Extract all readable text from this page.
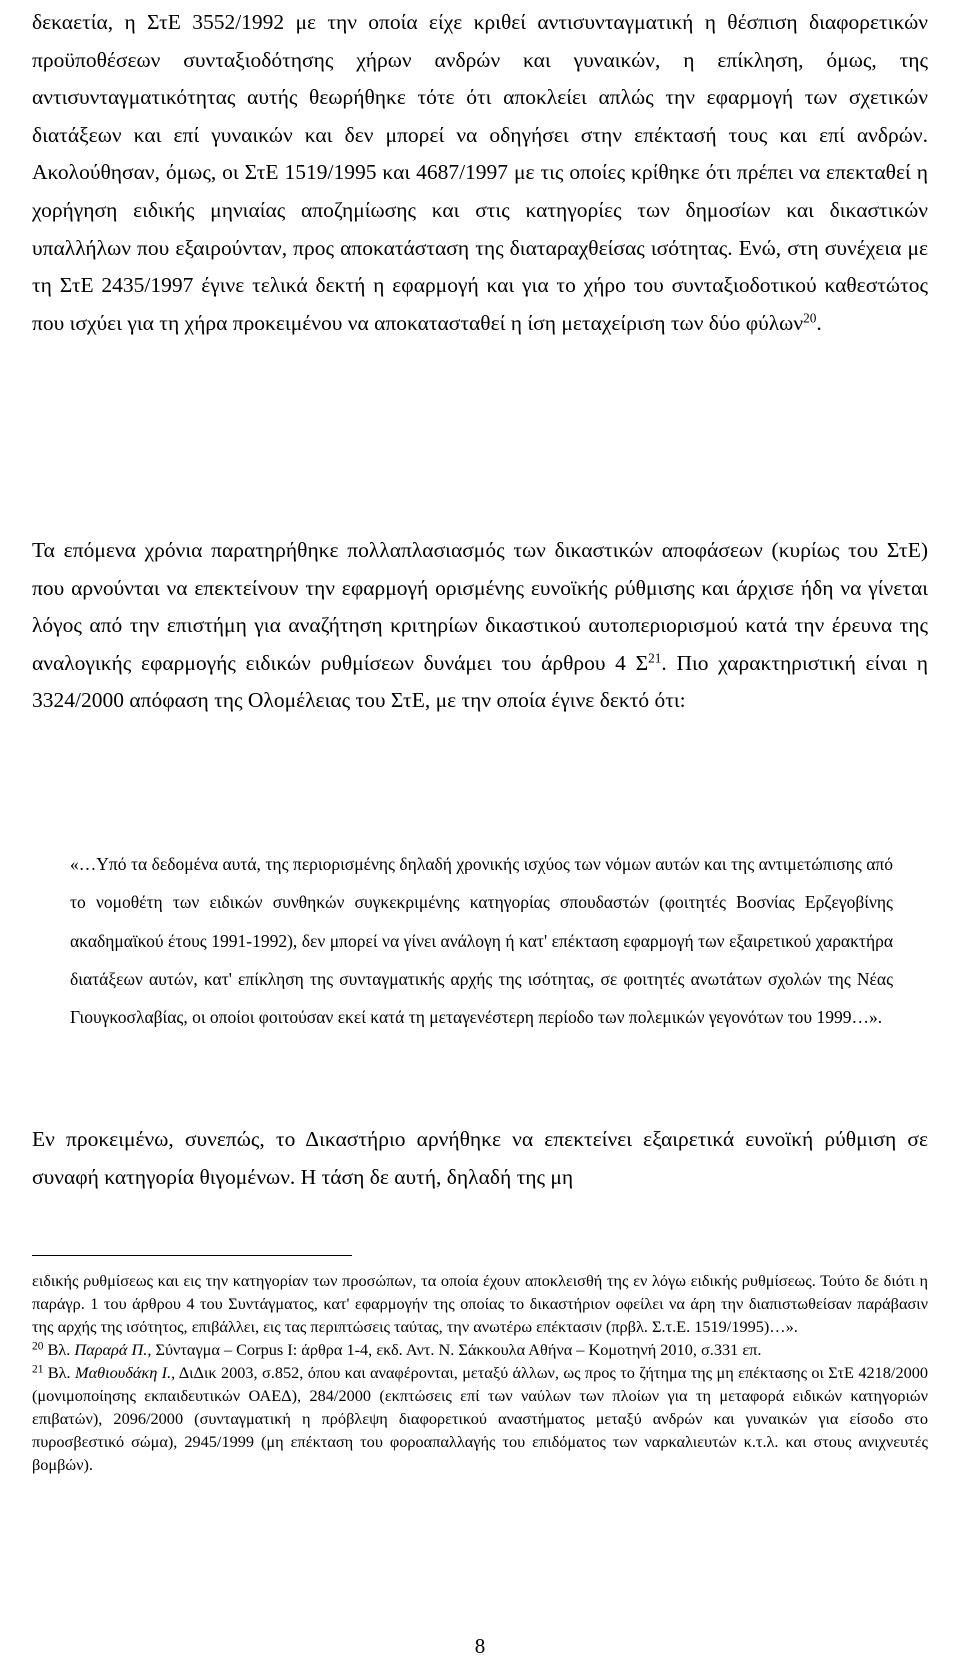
δεκαετία, η ΣτΕ 3552/1992 με την οποία είχε κριθεί αντισυνταγματική η θέσπιση διαφορετικών προϋποθέσεων συνταξιοδότησης χήρων ανδρών και γυναικών, η επίκληση, όμως, της αντισυνταγματικότητας αυτής θεωρήθηκε τότε ότι αποκλείει απλώς την εφαρμογή των σχετικών διατάξεων και επί γυναικών και δεν μπορεί να οδηγήσει στην επέκτασή τους και επί ανδρών. Ακολούθησαν, όμως, οι ΣτΕ 1519/1995 και 4687/1997 με τις οποίες κρίθηκε ότι πρέπει να επεκταθεί η χορήγηση ειδικής μηνιαίας αποζημίωσης και στις κατηγορίες των δημοσίων και δικαστικών υπαλλήλων που εξαιρούνταν, προς αποκατάσταση της διαταραχθείσας ισότητας. Ενώ, στη συνέχεια με τη ΣτΕ 2435/1997 έγινε τελικά δεκτή η εφαρμογή και για το χήρο του συνταξιοδοτικού καθεστώτος που ισχύει για τη χήρα προκειμένου να αποκατασταθεί η ίση μεταχείριση των δύο φύλων$^{20}$.

Τα επόμενα χρόνια παρατηρήθηκε πολλαπλασιασμός των δικαστικών αποφάσεων (κυρίως του ΣτΕ) που αρνούνται να επεκτείνουν την εφαρμογή ορισμένης ευνοϊκής ρύθμισης και άρχισε ήδη να γίνεται λόγος από την επιστήμη για αναζήτηση κριτηρίων δικαστικού αυτοπεριορισμού κατά την έρευνα της αναλογικής εφαρμογής ειδικών ρυθμίσεων δυνάμει του άρθρου 4 $\Sigma^{21}$. Πιο χαρακτηριστική είναι η 3324/2000 απόφαση της Ολομέλειας του ΣτΕ, με την οποία έγινε δεκτό ότι:

«…Υπό τα δεδομένα αυτά, της περιορισμένης δηλαδή χρονικής ισχύος των νόμων αυτών και της αντιμετώπισης από το νομοθέτη των ειδικών συνθηκών συγκεκριμένης κατηγορίας σπουδαστών (φοιτητές Βοσνίας Ερζεγοβίνης ακαδημαϊκού έτους 1991-1992), δεν μπορεί να γίνει ανάλογη ή κατ' επέκταση εφαρμογή των εξαιρετικού χαρακτήρα διατάξεων αυτών, κατ' επίκληση της συνταγματικής αρχής της ισότητας, σε φοιτητές ανωτάτων σχολών της Νέας Γιουγκοσλαβίας, οι οποίοι φοιτούσαν εκεί κατά τη μεταγενέστερη περίοδο των πολεμικών γεγονότων του 1999…».

Εν προκειμένω, συνεπώς, το Δικαστήριο αρνήθηκε να επεκτείνει εξαιρετικά ευνοϊκή ρύθμιση σε συναφή κατηγορία θιγομένων. Η τάση δε αυτή, δηλαδή της μη

ειδικής ρυθμίσεως και εις την κατηγορίαν των προσώπων, τα οποία έχουν αποκλεισθή της εν λόγω ειδικής ρυθμίσεως. Τούτο δε διότι η παράγρ. 1 του άρθρου 4 του Συντάγματος, κατ' εφαρμογήν της οποίας το δικαστήριον οφείλει να άρη την διαπιστωθείσαν παράβασιν της αρχής της ισότητος, επιβάλλει, εις τας περιπτώσεις ταύτας, την ανωτέρω επέκτασιν (πρβλ. Σ.τ.Ε. 1519/1995)…».

$^{20}$ Βλ. Παραρά Π., Σύνταγμα – Corpus I: άρθρα 1-4, εκδ. Αντ. Ν. Σάκκουλα Αθήνα – Κομοτηνή 2010, σ.331 επ.

$^{21}$ Βλ. Μαθιουδάκη Ι., ΔιΔικ 2003, σ.852, όπου και αναφέρονται, μεταξύ άλλων, ως προς το ζήτημα της μη επέκτασης οι ΣτΕ 4218/2000 (μονιμοποίησης εκπαιδευτικών ΟΑΕΔ), 284/2000 (εκπτώσεις επί των ναύλων των πλοίων για τη μεταφορά ειδικών κατηγοριών επιβατών), 2096/2000 (συνταγματική η πρόβλεψη διαφορετικού αναστήματος μεταξύ ανδρών και γυναικών για είσοδο στο πυροσβεστικό σώμα), 2945/1999 (μη επέκταση του φοροαπαλλαγής του επιδόματος των ναρκαλιευτών κ.τ.λ. και στους ανιχνευτές βομβών).

8
